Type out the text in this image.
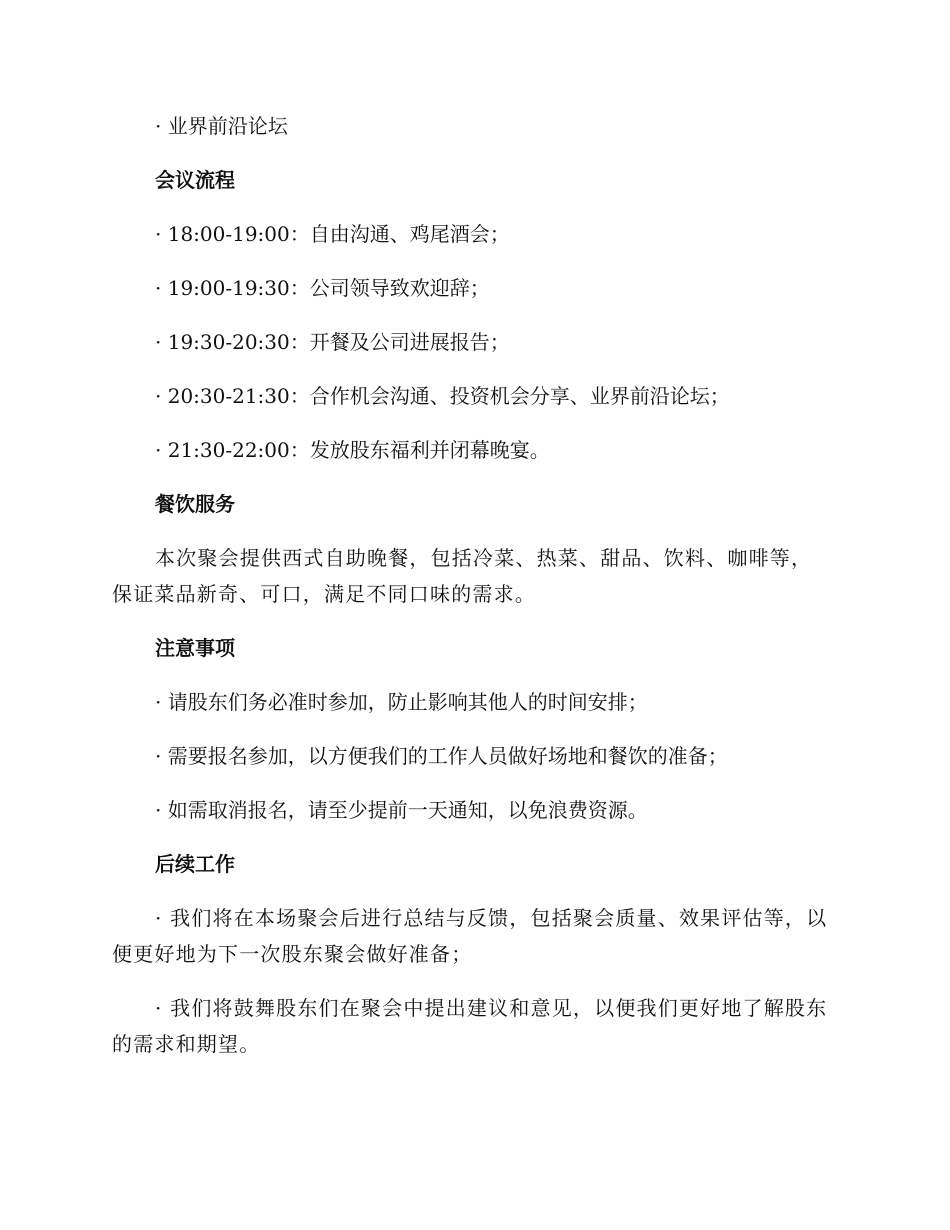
· 业界前沿论坛

会议流程

· 18:00-19:00：自由沟通、鸡尾酒会；

· 19:00-19:30：公司领导致欢迎辞；

· 19:30-20:30：开餐及公司进展报告；

· 20:30-21:30：合作机会沟通、投资机会分享、业界前沿论坛；

· 21:30-22:00：发放股东福利并闭幕晚宴。

餐饮服务

本次聚会提供西式自助晚餐，包括冷菜、热菜、甜品、饮料、咖啡等，保证菜品新奇、可口，满足不同口味的需求。

注意事项

· 请股东们务必准时参加，防止影响其他人的时间安排；

· 需要报名参加，以方便我们的工作人员做好场地和餐饮的准备；

· 如需取消报名，请至少提前一天通知，以免浪费资源。

后续工作

· 我们将在本场聚会后进行总结与反馈，包括聚会质量、效果评估等，以便更好地为下一次股东聚会做好准备；

· 我们将鼓舞股东们在聚会中提出建议和意见，以便我们更好地了解股东的需求和期望。
